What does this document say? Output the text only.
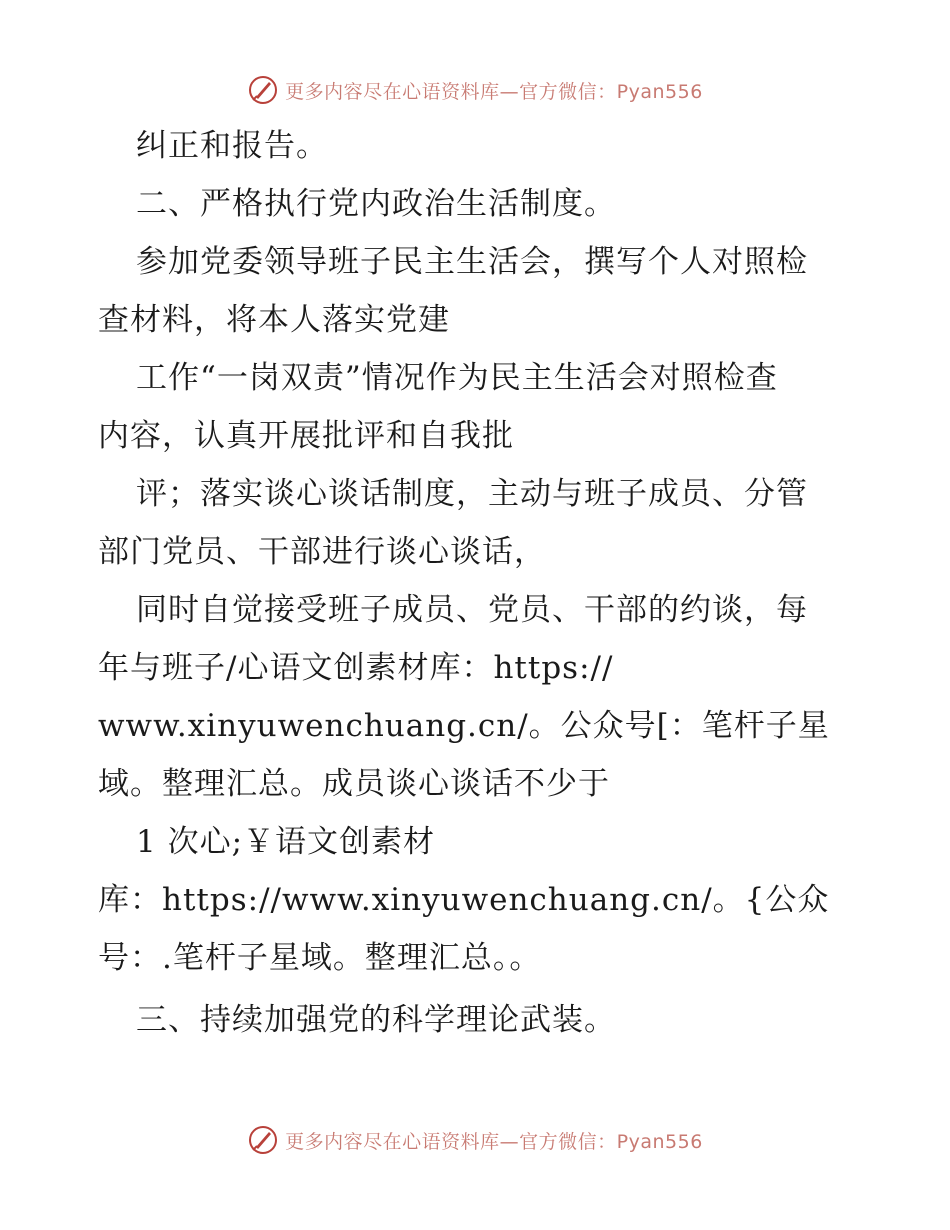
更多内容尽在心语资料库—官方微信：Pyan556
纠正和报告。
二、严格执行党内政治生活制度。
参加党委领导班子民主生活会，撰写个人对照检
查材料，将本人落实党建
工作“一岗双责”情况作为民主生活会对照检查
内容，认真开展批评和自我批
评；落实谈心谈话制度，主动与班子成员、分管
部门党员、干部进行谈心谈话，
同时自觉接受班子成员、党员、干部的约谈，每
年与班子/心语文创素材库：https://
www.xinyuwenchuang.cn/。公众号[：笔杆子星
域。整理汇总。成员谈心谈话不少于
1 次心;￥语文创素材
库：https://www.xinyuwenchuang.cn/。{公众
号：.笔杆子星域。整理汇总。。
三、持续加强党的科学理论武装。
更多内容尽在心语资料库—官方微信：Pyan556
